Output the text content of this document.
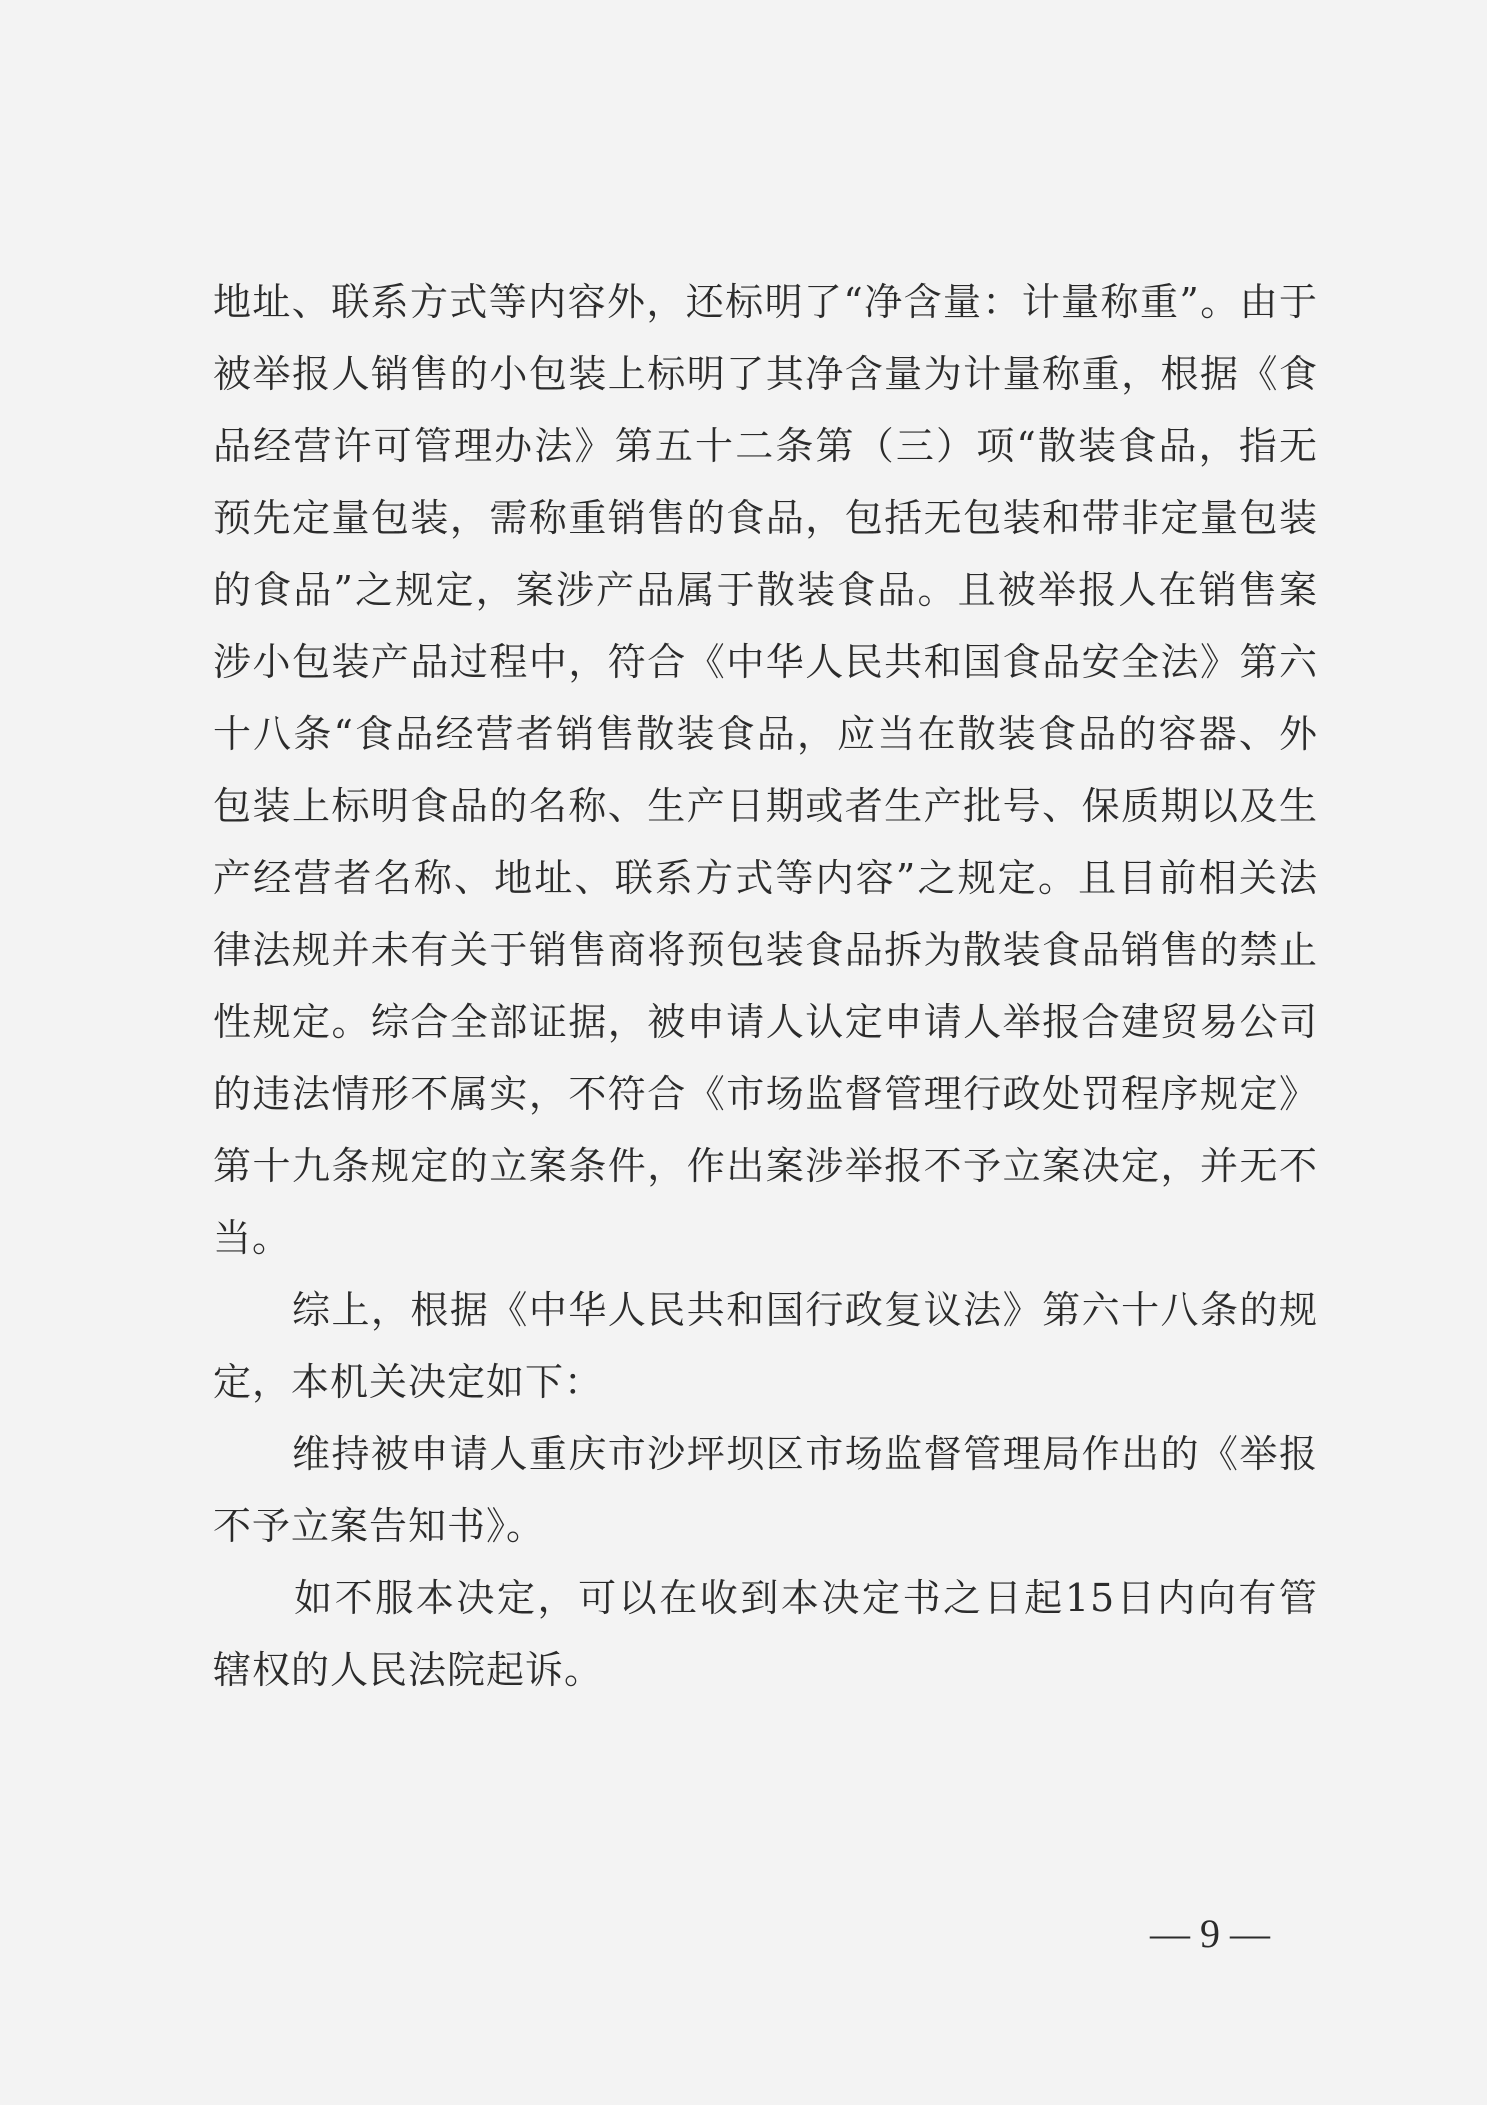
地址、联系方式等内容外，还标明了“净含量：计量称重”。由于
被举报人销售的小包装上标明了其净含量为计量称重，根据《食
品经营许可管理办法》第五十二条第（三）项“散装食品，指无
预先定量包装，需称重销售的食品，包括无包装和带非定量包装
的食品”之规定，案涉产品属于散装食品。且被举报人在销售案
涉小包装产品过程中，符合《中华人民共和国食品安全法》第六
十八条“食品经营者销售散装食品，应当在散装食品的容器、外
包装上标明食品的名称、生产日期或者生产批号、保质期以及生
产经营者名称、地址、联系方式等内容”之规定。且目前相关法
律法规并未有关于销售商将预包装食品拆为散装食品销售的禁止
性规定。综合全部证据，被申请人认定申请人举报合建贸易公司
的违法情形不属实，不符合《市场监督管理行政处罚程序规定》
第十九条规定的立案条件，作出案涉举报不予立案决定，并无不
当。
　　综上，根据《中华人民共和国行政复议法》第六十八条的规
定，本机关决定如下：
　　维持被申请人重庆市沙坪坝区市场监督管理局作出的《举报
不予立案告知书》。
　　如不服本决定，可以在收到本决定书之日起15日内向有管
辖权的人民法院起诉。
— 9 —
